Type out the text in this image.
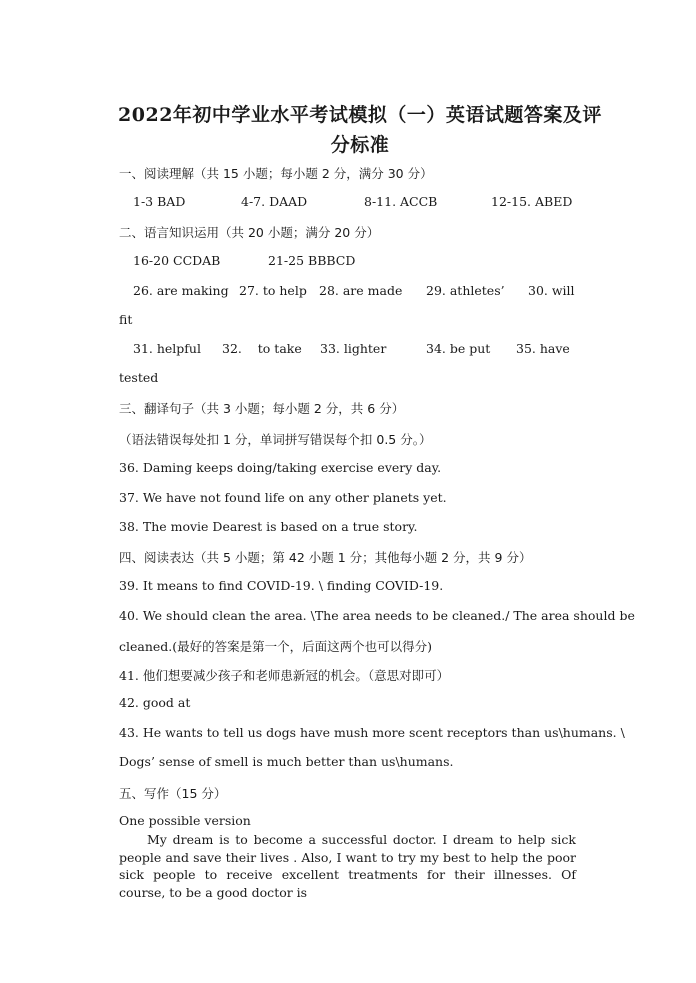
2022年初中学业水平考试模拟（一）英语试题答案及评
分标准
一、阅读理解（共 15 小题；每小题 2 分，满分 30 分）
1-3 BAD	4-7. DAAD	8-11. ACCB	12-15. ABED
二、语言知识运用（共 20 小题；满分 20 分）
16-20 CCDAB	21-25 BBBCD
26. are making 27. to help 28. are made 29. athletes’ 30. will
fit
31. helpful 32.    to take 33. lighter	34. be put 35. have
tested
三、翻译句子（共 3 小题；每小题 2 分，共 6 分）
（语法错误每处扣 1 分，单词拼写错误每个扣 0.5 分。）
36. Daming keeps doing/taking exercise every day.
37. We have not found life on any other planets yet.
38. The movie Dearest is based on a true story.
四、阅读表达（共 5 小题；第 42 小题 1 分；其他每小题 2 分，共 9 分）
39. It means to find COVID-19. \ finding COVID-19.
40. We should clean the area. \The area needs to be cleaned./ The area should be
cleaned.(最好的答案是第一个，后面这两个也可以得分)
41. 他们想要减少孩子和老师患新冠的机会。（意思对即可）
42. good at
43. He wants to tell us dogs have mush more scent receptors than us\humans. \
Dogs’ sense of smell is much better than us\humans.
五、写作（15 分）
One possible version
My dream is to become a successful doctor. I dream to help sick people and save their lives . Also, I want to try my best to help the poor sick people to receive excellent treatments for their illnesses. Of course, to be a good doctor is
